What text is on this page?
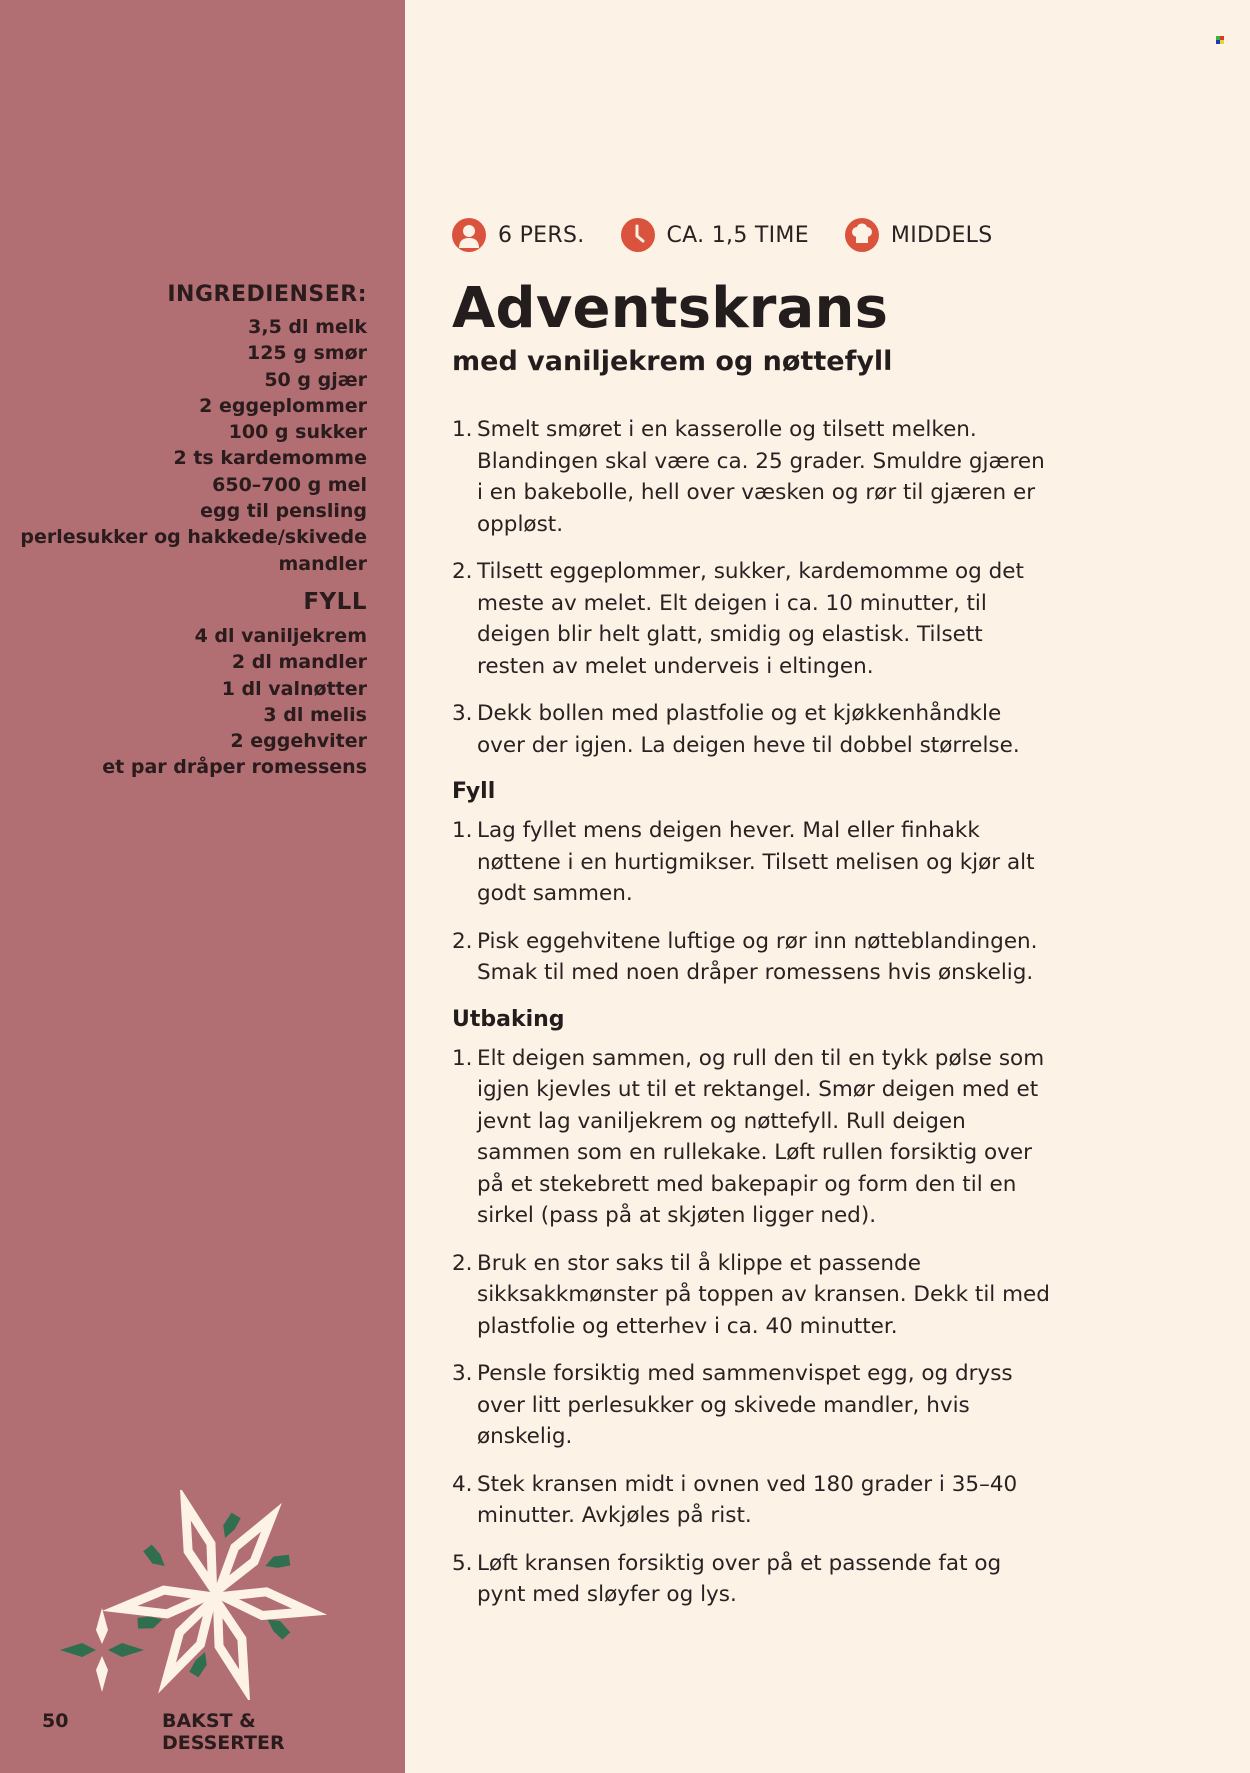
INGREDIENSER:
3,5 dl melk
125 g smør
50 g gjær
2 eggeplommer
100 g sukker
2 ts kardemomme
650–700 g mel
egg til pensling
perlesukker og hakkede/skivede mandler
FYLL
4 dl vaniljekrem
2 dl mandler
1 dl valnøtter
3 dl melis
2 eggehviter
et par dråper romessens
50	BAKST & DESSERTER
6 PERS.	CA. 1,5 TIME	MIDDELS
Adventskrans
med vaniljekrem og nøttefyll
1. Smelt smøret i en kasserolle og tilsett melken. Blandingen skal være ca. 25 grader. Smuldre gjæren i en bakebolle, hell over væsken og rør til gjæren er oppløst.
2. Tilsett eggeplommer, sukker, kardemomme og det meste av melet. Elt deigen i ca. 10 minutter, til deigen blir helt glatt, smidig og elastisk. Tilsett resten av melet underveis i eltingen.
3. Dekk bollen med plastfolie og et kjøkkenhåndkle over der igjen. La deigen heve til dobbel størrelse.
Fyll
1. Lag fyllet mens deigen hever. Mal eller finhakk nøttene i en hurtigmikser. Tilsett melisen og kjør alt godt sammen.
2. Pisk eggehvitene luftige og rør inn nøtteblandingen. Smak til med noen dråper romessens hvis ønskelig.
Utbaking
1. Elt deigen sammen, og rull den til en tykk pølse som igjen kjevles ut til et rektangel. Smør deigen med et jevnt lag vaniljekrem og nøttefyll. Rull deigen sammen som en rullekake. Løft rullen forsiktig over på et stekebrett med bakepapir og form den til en sirkel (pass på at skjøten ligger ned).
2. Bruk en stor saks til å klippe et passende sikksakkmønster på toppen av kransen. Dekk til med plastfolie og etterhev i ca. 40 minutter.
3. Pensle forsiktig med sammenvispet egg, og dryss over litt perlesukker og skivede mandler, hvis ønskelig.
4. Stek kransen midt i ovnen ved 180 grader i 35–40 minutter. Avkjøles på rist.
5. Løft kransen forsiktig over på et passende fat og pynt med sløyfer og lys.
